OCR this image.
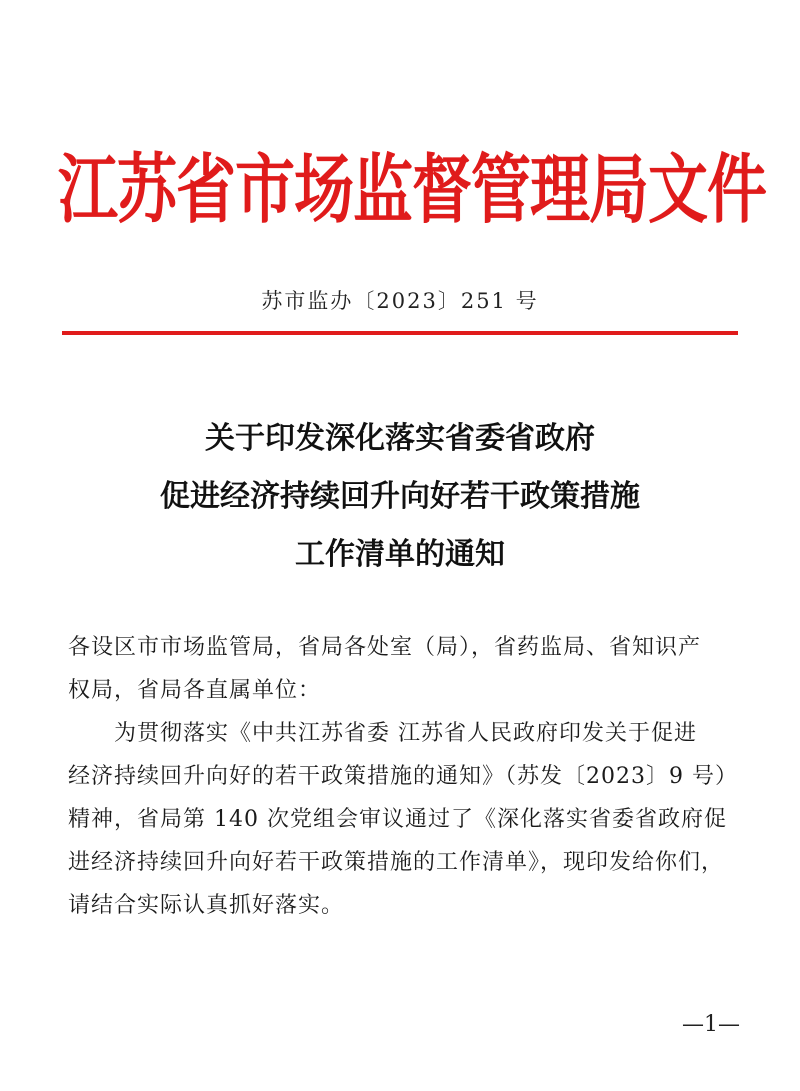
江苏省市场监督管理局文件
苏市监办〔2023〕251 号
关于印发深化落实省委省政府
促进经济持续回升向好若干政策措施
工作清单的通知
各设区市市场监管局，省局各处室（局），省药监局、省知识产
权局，省局各直属单位：
为贯彻落实《中共江苏省委 江苏省人民政府印发关于促进
经济持续回升向好的若干政策措施的通知》（苏发〔2023〕9 号）
精神，省局第 140 次党组会审议通过了《深化落实省委省政府促
进经济持续回升向好若干政策措施的工作清单》，现印发给你们，
请结合实际认真抓好落实。
—1—
